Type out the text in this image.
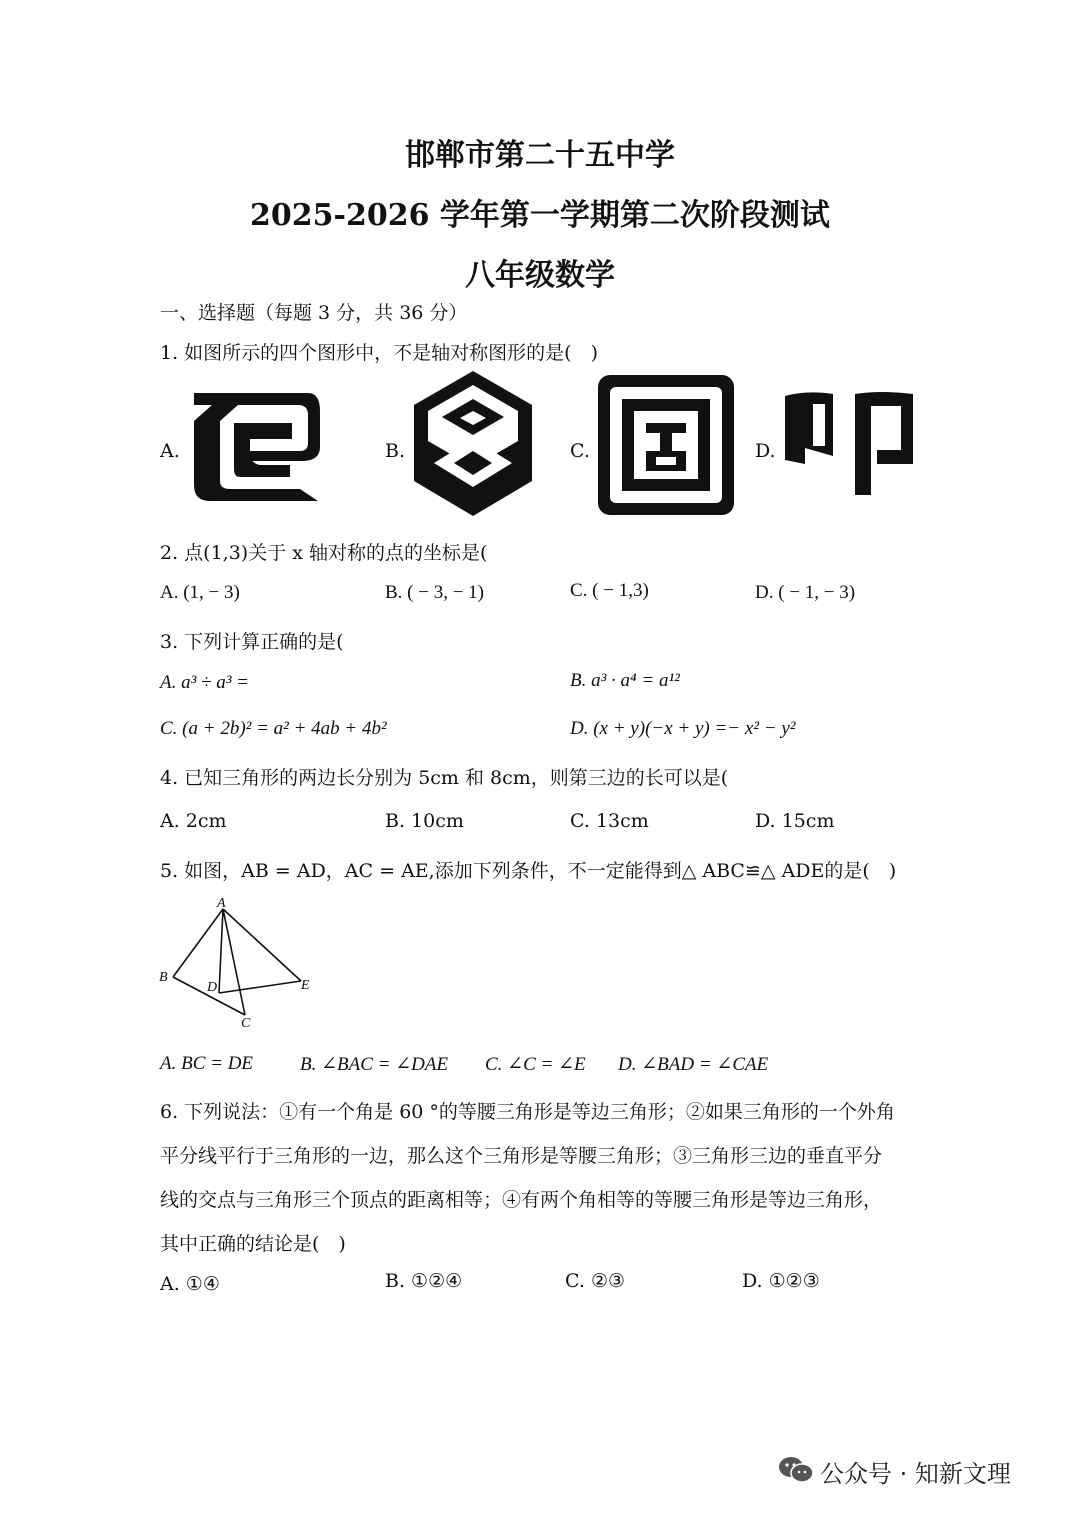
邯郸市第二十五中学
2025-2026 学年第一学期第二次阶段测试
八年级数学
一、选择题（每题 3 分，共 36 分）
1. 如图所示的四个图形中，不是轴对称图形的是(　)
A.	B.	C.	D.
2. 点(1,3)关于 x 轴对称的点的坐标是(
A. (1, − 3)	B. ( − 3, − 1)	C. ( − 1,3)	D. ( − 1, − 3)
3. 下列计算正确的是(
A. a³ ÷ a³ =	B. a³ · a⁴ = a¹²
C. (a + 2b)² = a² + 4ab + 4b²	D. (x + y)(−x + y) =− x² − y²
4. 已知三角形的两边长分别为 5cm 和 8cm，则第三边的长可以是(
A. 2cm	B. 10cm	C. 13cm	D. 15cm
5. 如图，AB = AD，AC = AE,添加下列条件，不一定能得到△ ABC≌△ ADE的是(　)
A
B
D	E
C
A. BC = DE B. ∠BAC = ∠DAE C. ∠C = ∠E D. ∠BAD = ∠CAE
6. 下列说法：①有一个角是 60 °的等腰三角形是等边三角形；②如果三角形的一个外角
平分线平行于三角形的一边，那么这个三角形是等腰三角形；③三角形三边的垂直平分
线的交点与三角形三个顶点的距离相等；④有两个角相等的等腰三角形是等边三角形，
其中正确的结论是(　)
A. ①④	B. ①②④	C. ②③	D. ①②③
公众号 · 知新文理
